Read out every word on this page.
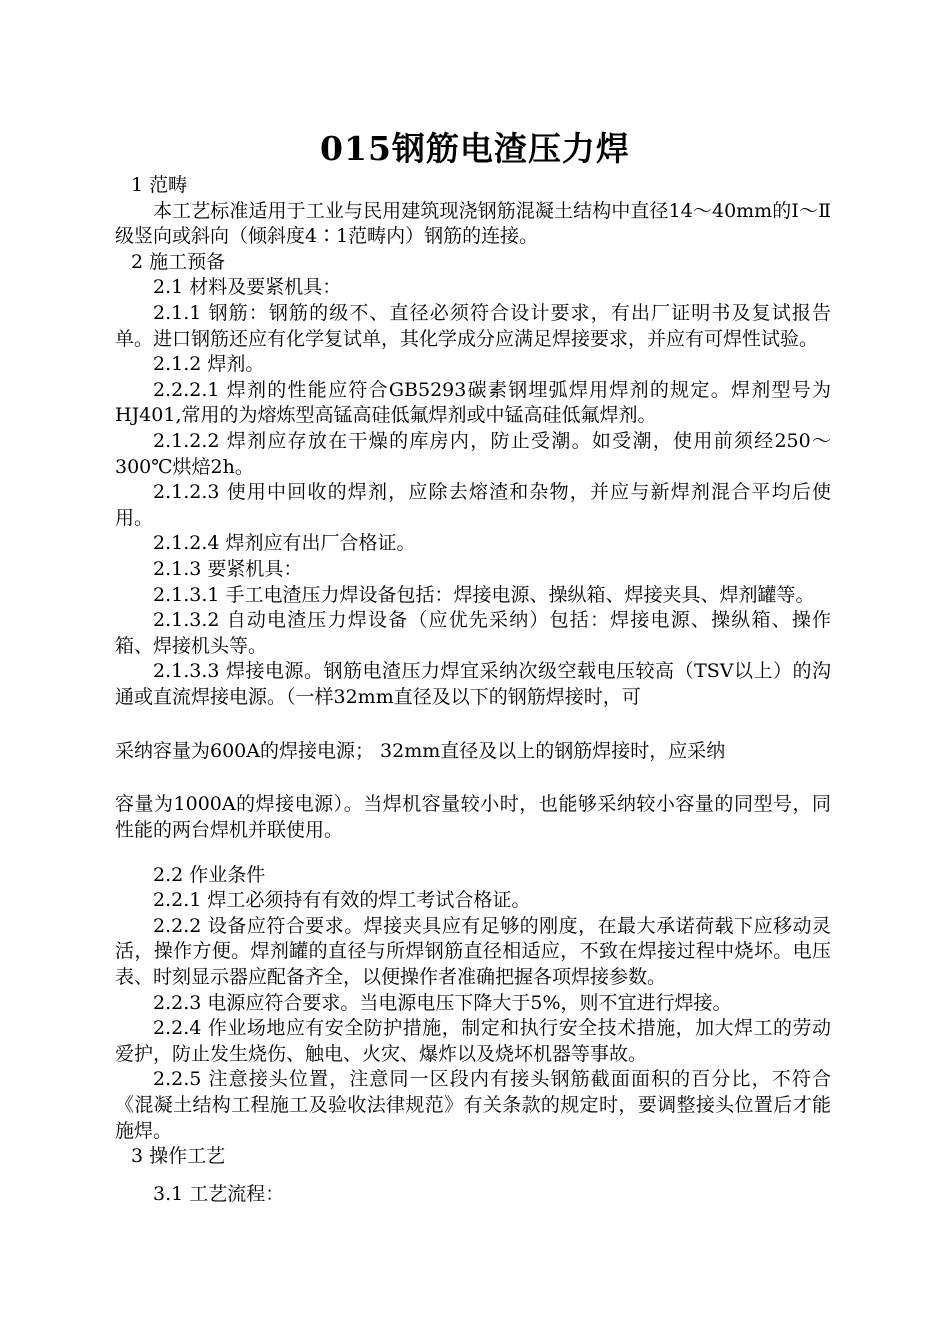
015钢筋电渣压力焊

1 范畴

本工艺标准适用于工业与民用建筑现浇钢筋混凝土结构中直径14～40mm的Ⅰ～Ⅱ级竖向或斜向（倾斜度4∶1范畴内）钢筋的连接。

2 施工预备

2.1 材料及要紧机具：

2.1.1 钢筋：钢筋的级不、直径必须符合设计要求，有出厂证明书及复试报告单。进口钢筋还应有化学复试单，其化学成分应满足焊接要求，并应有可焊性试验。

2.1.2 焊剂。

2.2.2.1 焊剂的性能应符合GB5293碳素钢埋弧焊用焊剂的规定。焊剂型号为HJ401,常用的为熔炼型高锰高硅低氟焊剂或中锰高硅低氟焊剂。

2.1.2.2 焊剂应存放在干燥的库房内，防止受潮。如受潮，使用前须经250～300℃烘焙2h。

2.1.2.3 使用中回收的焊剂，应除去熔渣和杂物，并应与新焊剂混合平均后使用。

2.1.2.4 焊剂应有出厂合格证。

2.1.3 要紧机具：

2.1.3.1 手工电渣压力焊设备包括：焊接电源、操纵箱、焊接夹具、焊剂罐等。

2.1.3.2 自动电渣压力焊设备（应优先采纳）包括：焊接电源、操纵箱、操作箱、焊接机头等。

2.1.3.3 焊接电源。钢筋电渣压力焊宜采纳次级空载电压较高（TSV以上）的沟通或直流焊接电源。（一样32mm直径及以下的钢筋焊接时，可

采纳容量为600A的焊接电源； 32mm直径及以上的钢筋焊接时，应采纳

容量为1000A的焊接电源）。当焊机容量较小时，也能够采纳较小容量的同型号，同性能的两台焊机并联使用。

2.2 作业条件

2.2.1 焊工必须持有有效的焊工考试合格证。

2.2.2 设备应符合要求。焊接夹具应有足够的刚度，在最大承诺荷载下应移动灵活，操作方便。焊剂罐的直径与所焊钢筋直径相适应，不致在焊接过程中烧坏。电压表、时刻显示器应配备齐全，以便操作者准确把握各项焊接参数。

2.2.3 电源应符合要求。当电源电压下降大于5%，则不宜进行焊接。

2.2.4 作业场地应有安全防护措施，制定和执行安全技术措施，加大焊工的劳动爱护，防止发生烧伤、触电、火灾、爆炸以及烧坏机器等事故。

2.2.5 注意接头位置，注意同一区段内有接头钢筋截面面积的百分比，不符合《混凝土结构工程施工及验收法律规范》有关条款的规定时，要调整接头位置后才能施焊。

3 操作工艺

3.1 工艺流程：
